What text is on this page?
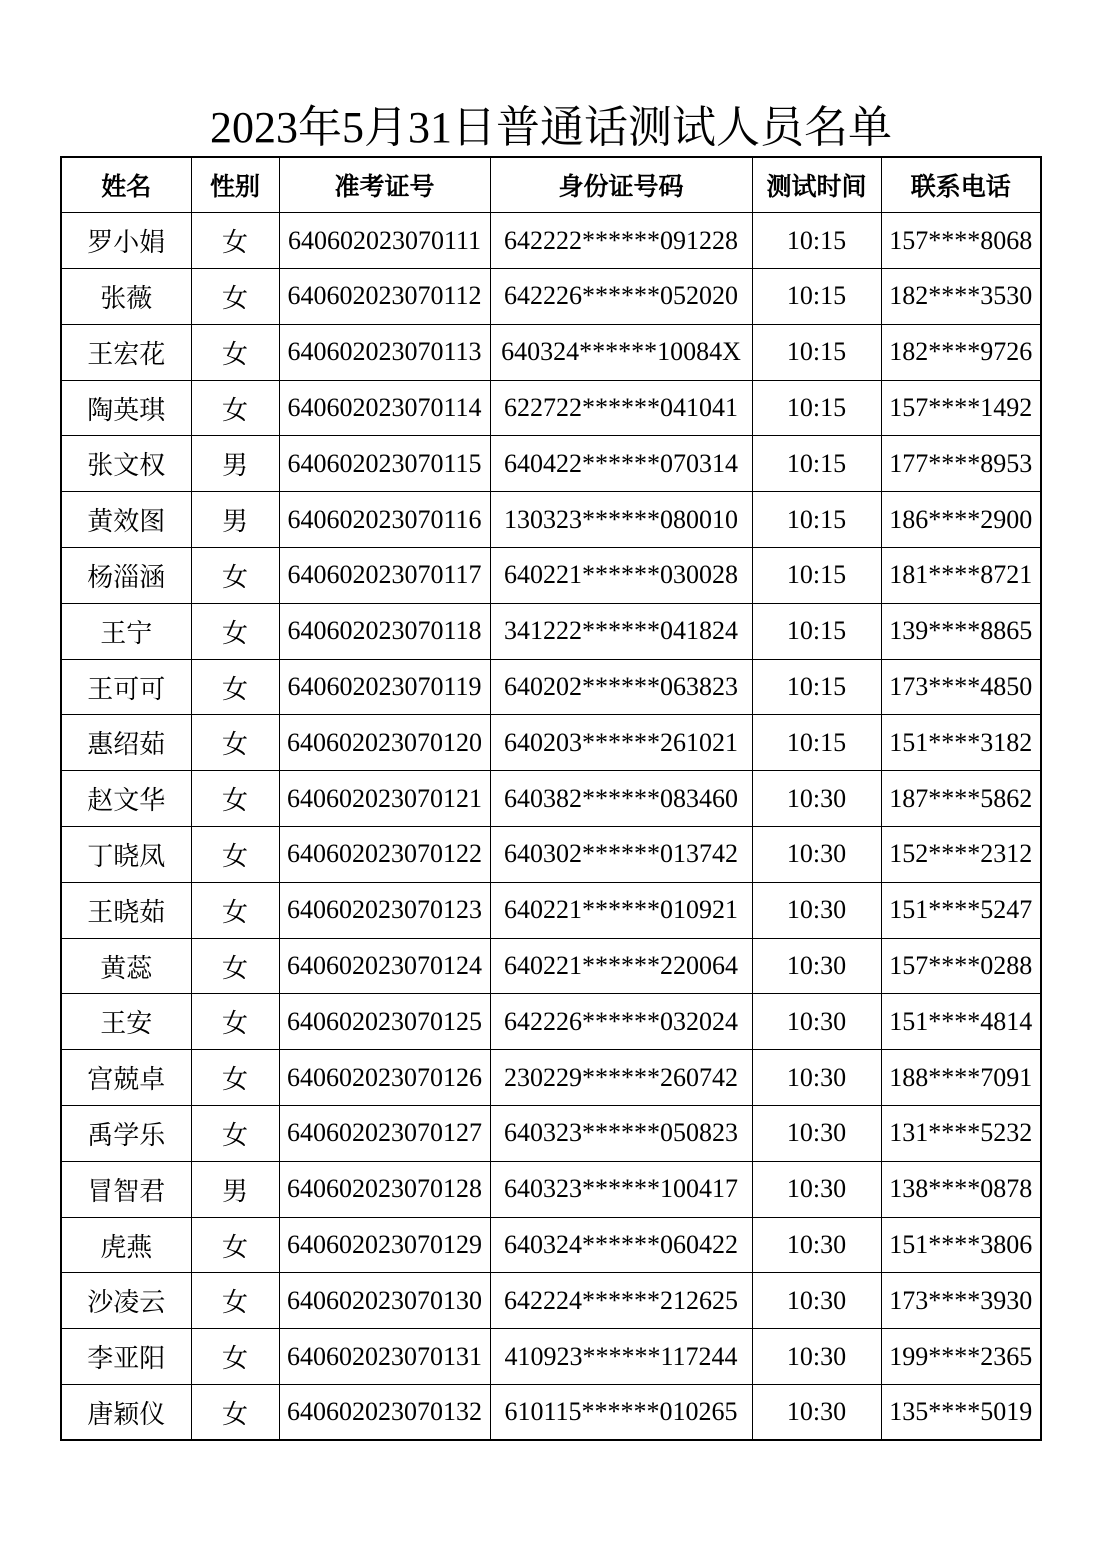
2023年5月31日普通话测试人员名单
姓名	性别	准考证号	身份证号码	测试时间	联系电话
罗小娟	女	640602023070111	642222******091228	10:15	157****8068
张薇	女	640602023070112	642226******052020	10:15	182****3530
王宏花	女	640602023070113	640324******10084X	10:15	182****9726
陶英琪	女	640602023070114	622722******041041	10:15	157****1492
张文权	男	640602023070115	640422******070314	10:15	177****8953
黄效图	男	640602023070116	130323******080010	10:15	186****2900
杨淄涵	女	640602023070117	640221******030028	10:15	181****8721
王宁	女	640602023070118	341222******041824	10:15	139****8865
王可可	女	640602023070119	640202******063823	10:15	173****4850
惠绍茹	女	640602023070120	640203******261021	10:15	151****3182
赵文华	女	640602023070121	640382******083460	10:30	187****5862
丁晓凤	女	640602023070122	640302******013742	10:30	152****2312
王晓茹	女	640602023070123	640221******010921	10:30	151****5247
黄蕊	女	640602023070124	640221******220064	10:30	157****0288
王安	女	640602023070125	642226******032024	10:30	151****4814
宫兢卓	女	640602023070126	230229******260742	10:30	188****7091
禹学乐	女	640602023070127	640323******050823	10:30	131****5232
冒智君	男	640602023070128	640323******100417	10:30	138****0878
虎燕	女	640602023070129	640324******060422	10:30	151****3806
沙凌云	女	640602023070130	642224******212625	10:30	173****3930
李亚阳	女	640602023070131	410923******117244	10:30	199****2365
唐颖仪	女	640602023070132	610115******010265	10:30	135****5019
